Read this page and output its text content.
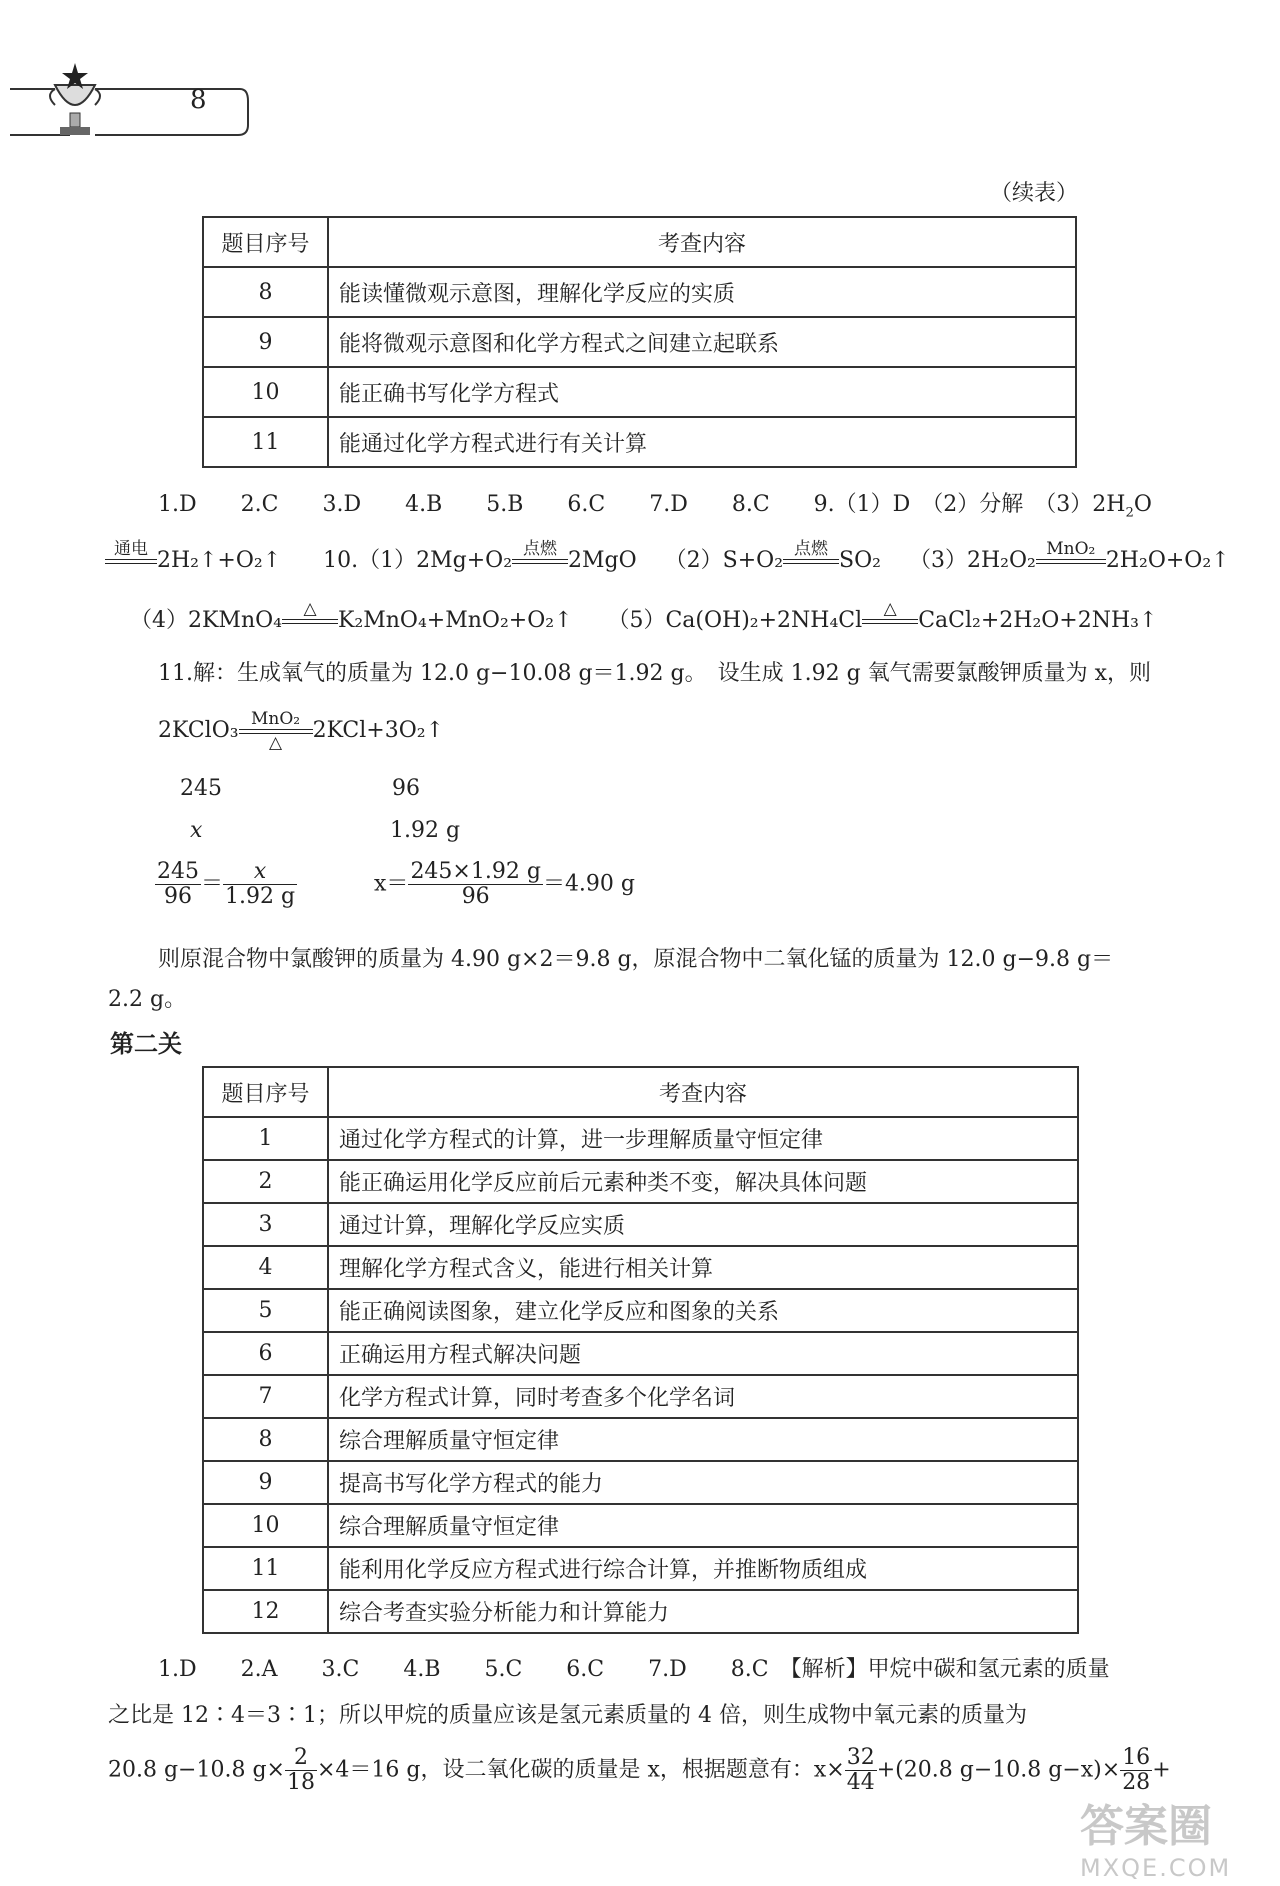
8
（续表）
题目序号	考查内容
8	能读懂微观示意图，理解化学反应的实质
9	能将微观示意图和化学方程式之间建立起联系
10	能正确书写化学方程式
11	能通过化学方程式进行有关计算
1.D　　2.C　　3.D　　4.B　　5.B　　6.C　　7.D　　8.C　　9.（1）D　（2）分解　$(3)2H_2O$
通电
2H₂↑+O₂↑ 10.（1）2Mg+O₂ 点燃
2MgO （2）S+O₂ 点燃
SO₂ （3）2H₂O₂ MnO₂
2H₂O+O₂↑
（4）2KMnO₄	△
K₂MnO₄+MnO₂+O₂↑ （5）Ca(OH)₂+2NH₄Cl	△
CaCl₂+2H₂O+2NH₃↑
11.解：生成氧气的质量为 12.0 g−10.08 g＝1.92 g。　设生成 1.92 g 氧气需要氯酸钾质量为 x，则
2KClO₃ MnO₂
△	2KCl+3O₂↑
245	96
x	1.92 g
$\frac{245}{96} = \frac{x}{1.92 g}$	$x= \frac{245\times 1.92 g}{96} =4.90$ g
则原混合物中氯酸钾的质量为 4.90 g×2＝9.8 g，原混合物中二氧化锰的质量为 12.0 g−9.8 g＝
2.2 g。
第二关
题目序号	考查内容
1	通过化学方程式的计算，进一步理解质量守恒定律
2	能正确运用化学反应前后元素种类不变，解决具体问题
3	通过计算，理解化学反应实质
4	理解化学方程式含义，能进行相关计算
5	能正确阅读图象，建立化学反应和图象的关系
6	正确运用方程式解决问题
7	化学方程式计算，同时考查多个化学名词
8	综合理解质量守恒定律
9	提高书写化学方程式的能力
10	综合理解质量守恒定律
11	能利用化学反应方程式进行综合计算，并推断物质组成
12	综合考查实验分析能力和计算能力
1.D　　2.A　　3.C　　4.B　　5.C　　6.C　　7.D　　8.C　【解析】甲烷中碳和氢元素的质量
之比是 12∶4＝3∶1；所以甲烷的质量应该是氢元素质量的 4 倍，则生成物中氧元素的质量为
20.8 g−10.8 $g\times \frac{2}{18} \times 4=16$ g，设二氧化碳的质量是 x，根据题意有：$x\times \frac{32}{44} +(20.8$ g−10.8 $g-x)\times \frac{16}{28}$ +
答案圈
MXQE.COM
